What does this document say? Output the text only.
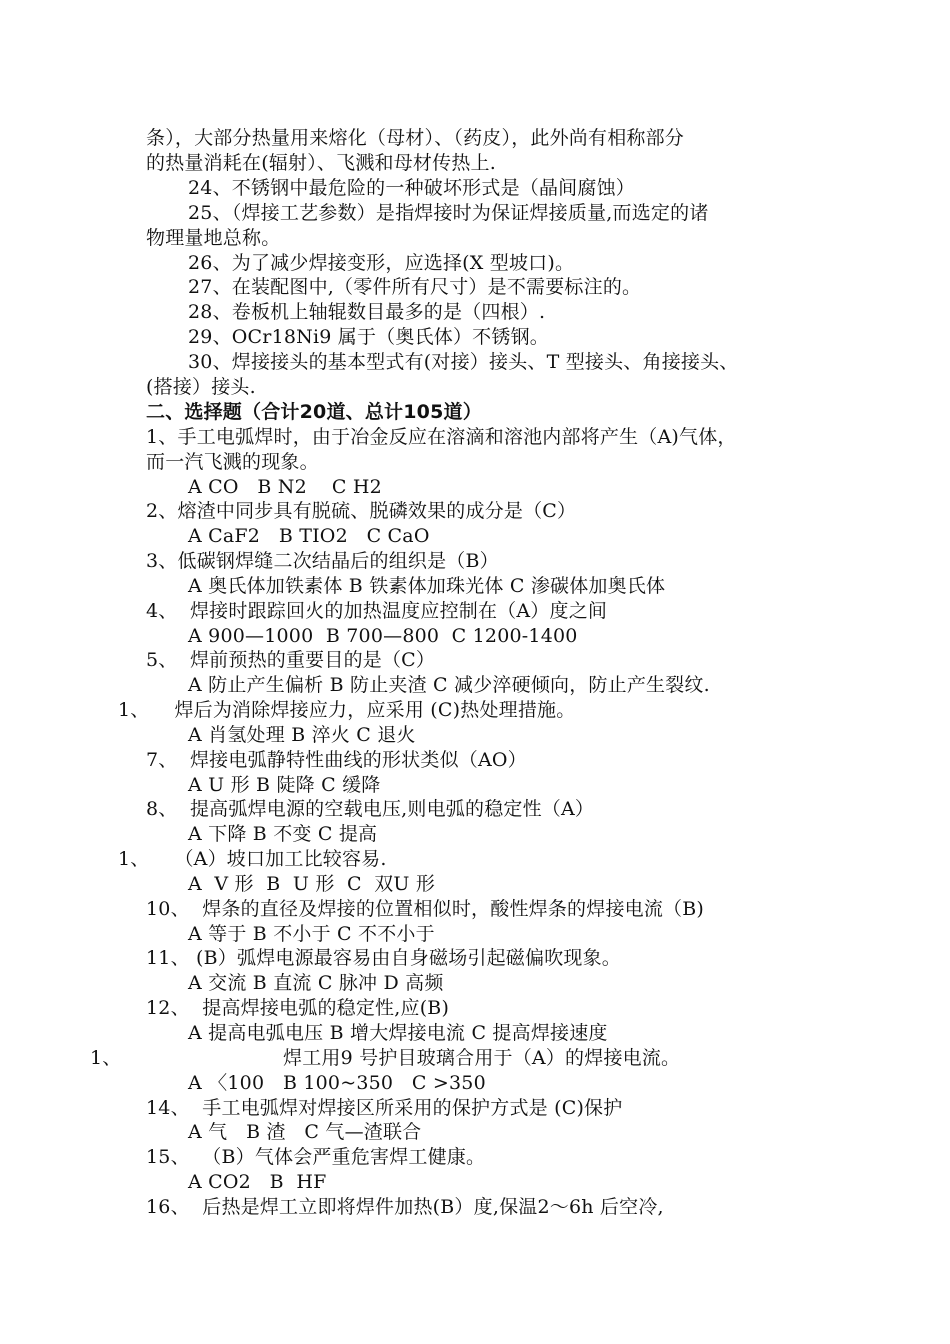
条），大部分热量用来熔化（母材）、（药皮），此外尚有相称部分
的热量消耗在(辐射）、飞溅和母材传热上.
24、不锈钢中最危险的一种破坏形式是（晶间腐蚀）
25、（焊接工艺参数）是指焊接时为保证焊接质量,而选定的诸
物理量地总称。
26、为了减少焊接变形，应选择(X 型坡口)。
27、在装配图中,（零件所有尺寸）是不需要标注的。
28、卷板机上轴辊数目最多的是（四根）.
29、OCr18Ni9 属于（奥氏体）不锈钢。
30、焊接接头的基本型式有(对接）接头、T 型接头、角接接头、
(搭接）接头.
二、选择题（合计20道、总计105道）
1、手工电弧焊时，由于冶金反应在溶滴和溶池内部将产生（A)气体，
而一汽飞溅的现象。
A CO   B N2    C H2
2、熔渣中同步具有脱硫、脱磷效果的成分是（C）
A CaF2   B TIO2   C CaO
3、低碳钢焊缝二次结晶后的组织是（B）
A 奥氏体加铁素体 B 铁素体加珠光体 C 渗碳体加奥氏体
4、  焊接时跟踪回火的加热温度应控制在（A）度之间
A 900—1000  B 700—800  C 1200-1400
5、  焊前预热的重要目的是（C）
A 防止产生偏析 B 防止夹渣 C 减少淬硬倾向，防止产生裂纹.
1、    焊后为消除焊接应力，应采用 (C)热处理措施。
A 肖氢处理 B 淬火 C 退火
7、  焊接电弧静特性曲线的形状类似（AO）
A U 形 B 陡降 C 缓降
8、  提高弧焊电源的空载电压,则电弧的稳定性（A）
A 下降 B 不变 C 提高
1、    （A）坡口加工比较容易.
A  V 形  B  U 形  C  双U 形
10、  焊条的直径及焊接的位置相似时，酸性焊条的焊接电流（B)
A 等于 B 不小于 C 不不小于
11、 (B）弧焊电源最容易由自身磁场引起磁偏吹现象。
A 交流 B 直流 C 脉冲 D 高频
12、  提高焊接电弧的稳定性,应(B)
A 提高电弧电压 B 增大焊接电流 C 提高焊接速度
1、	焊工用9 号护目玻璃合用于（A）的焊接电流。
A 〈100   B 100~350   C >350
14、  手工电弧焊对焊接区所采用的保护方式是 (C)保护
A 气   B 渣   C 气—渣联合
15、  （B）气体会严重危害焊工健康。
A CO2   B  HF
16、  后热是焊工立即将焊件加热(B）度,保温2～6h 后空冷,
